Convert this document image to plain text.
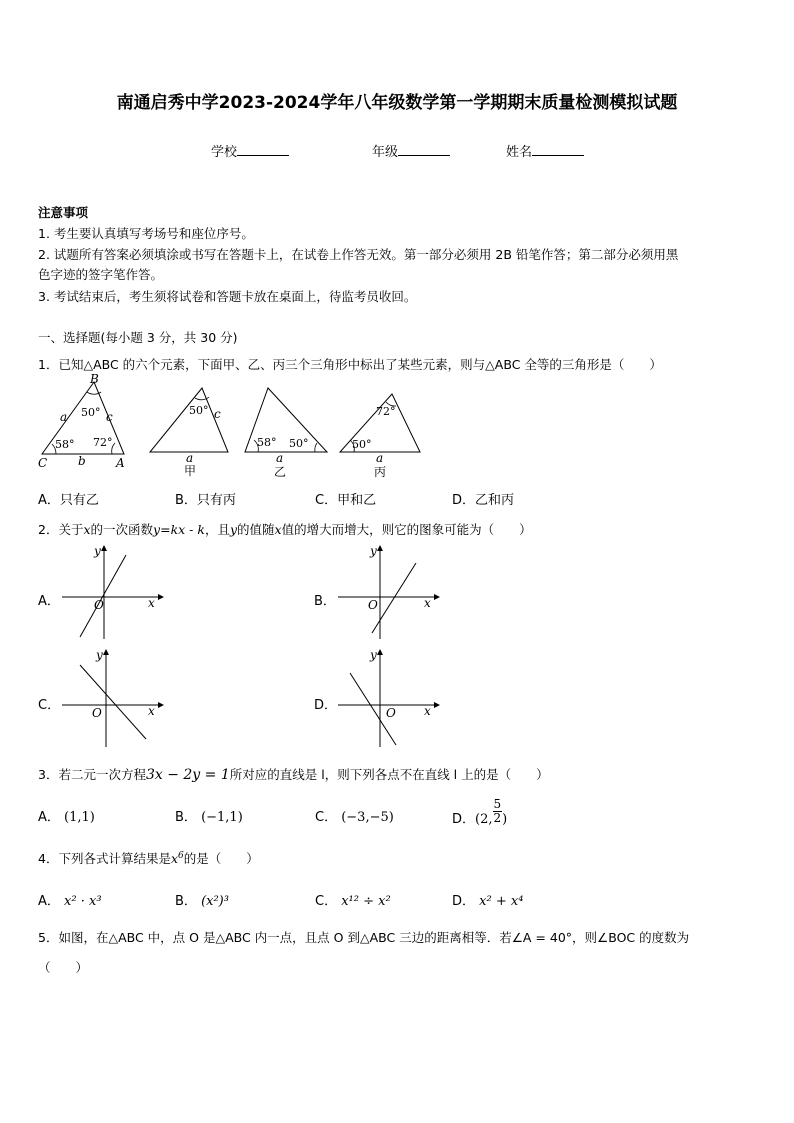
南通启秀中学2023-2024学年八年级数学第一学期期末质量检测模拟试题
学校	年级	姓名
注意事项
1. 考生要认真填写考场号和座位序号。
2. 试题所有答案必须填涂或书写在答题卡上，在试卷上作答无效。第一部分必须用 2B 铅笔作答；第二部分必须用黑
色字迹的签字笔作答。
3. 考试结束后，考生须将试卷和答题卡放在桌面上，待监考员收回。
一、选择题(每小题 3 分，共 30 分)
1．已知△ABC 的六个元素，下面甲、乙、丙三个三角形中标出了某些元素，则与△ABC 全等的三角形是（　　）
B
C	A
a	c
b
50°
58° 72°
50° c
a
甲
58° 50°
a
乙
72°
50°
a
丙
A．只有乙	B．只有丙	C．甲和乙	D．乙和丙
2．关于x的一次函数y=kx - k，且y的值随x值的增大而增大，则它的图象可能为（　　）
A．
y
x
O	B．
y
x
O
C．
y
x
O	D．
y
x
O
3．若二元一次方程3x − 2y = 1所对应的直线是 l，则下列各点不在直线 l 上的是（　　）
A． (1,1)	B． (−1,1)	C． (−3,−5)	D．(2, $\frac{5}{2}$ )
4．下列各式计算结果是$x^6$的是（　　）
A． x² · x³	B． (x²)³	C． x¹² ÷ x²	D． x² + x⁴
5．如图，在△ABC 中，点 O 是△ABC 内一点，且点 O 到△ABC 三边的距离相等．若∠A = 40°，则∠BOC 的度数为
（　　）
